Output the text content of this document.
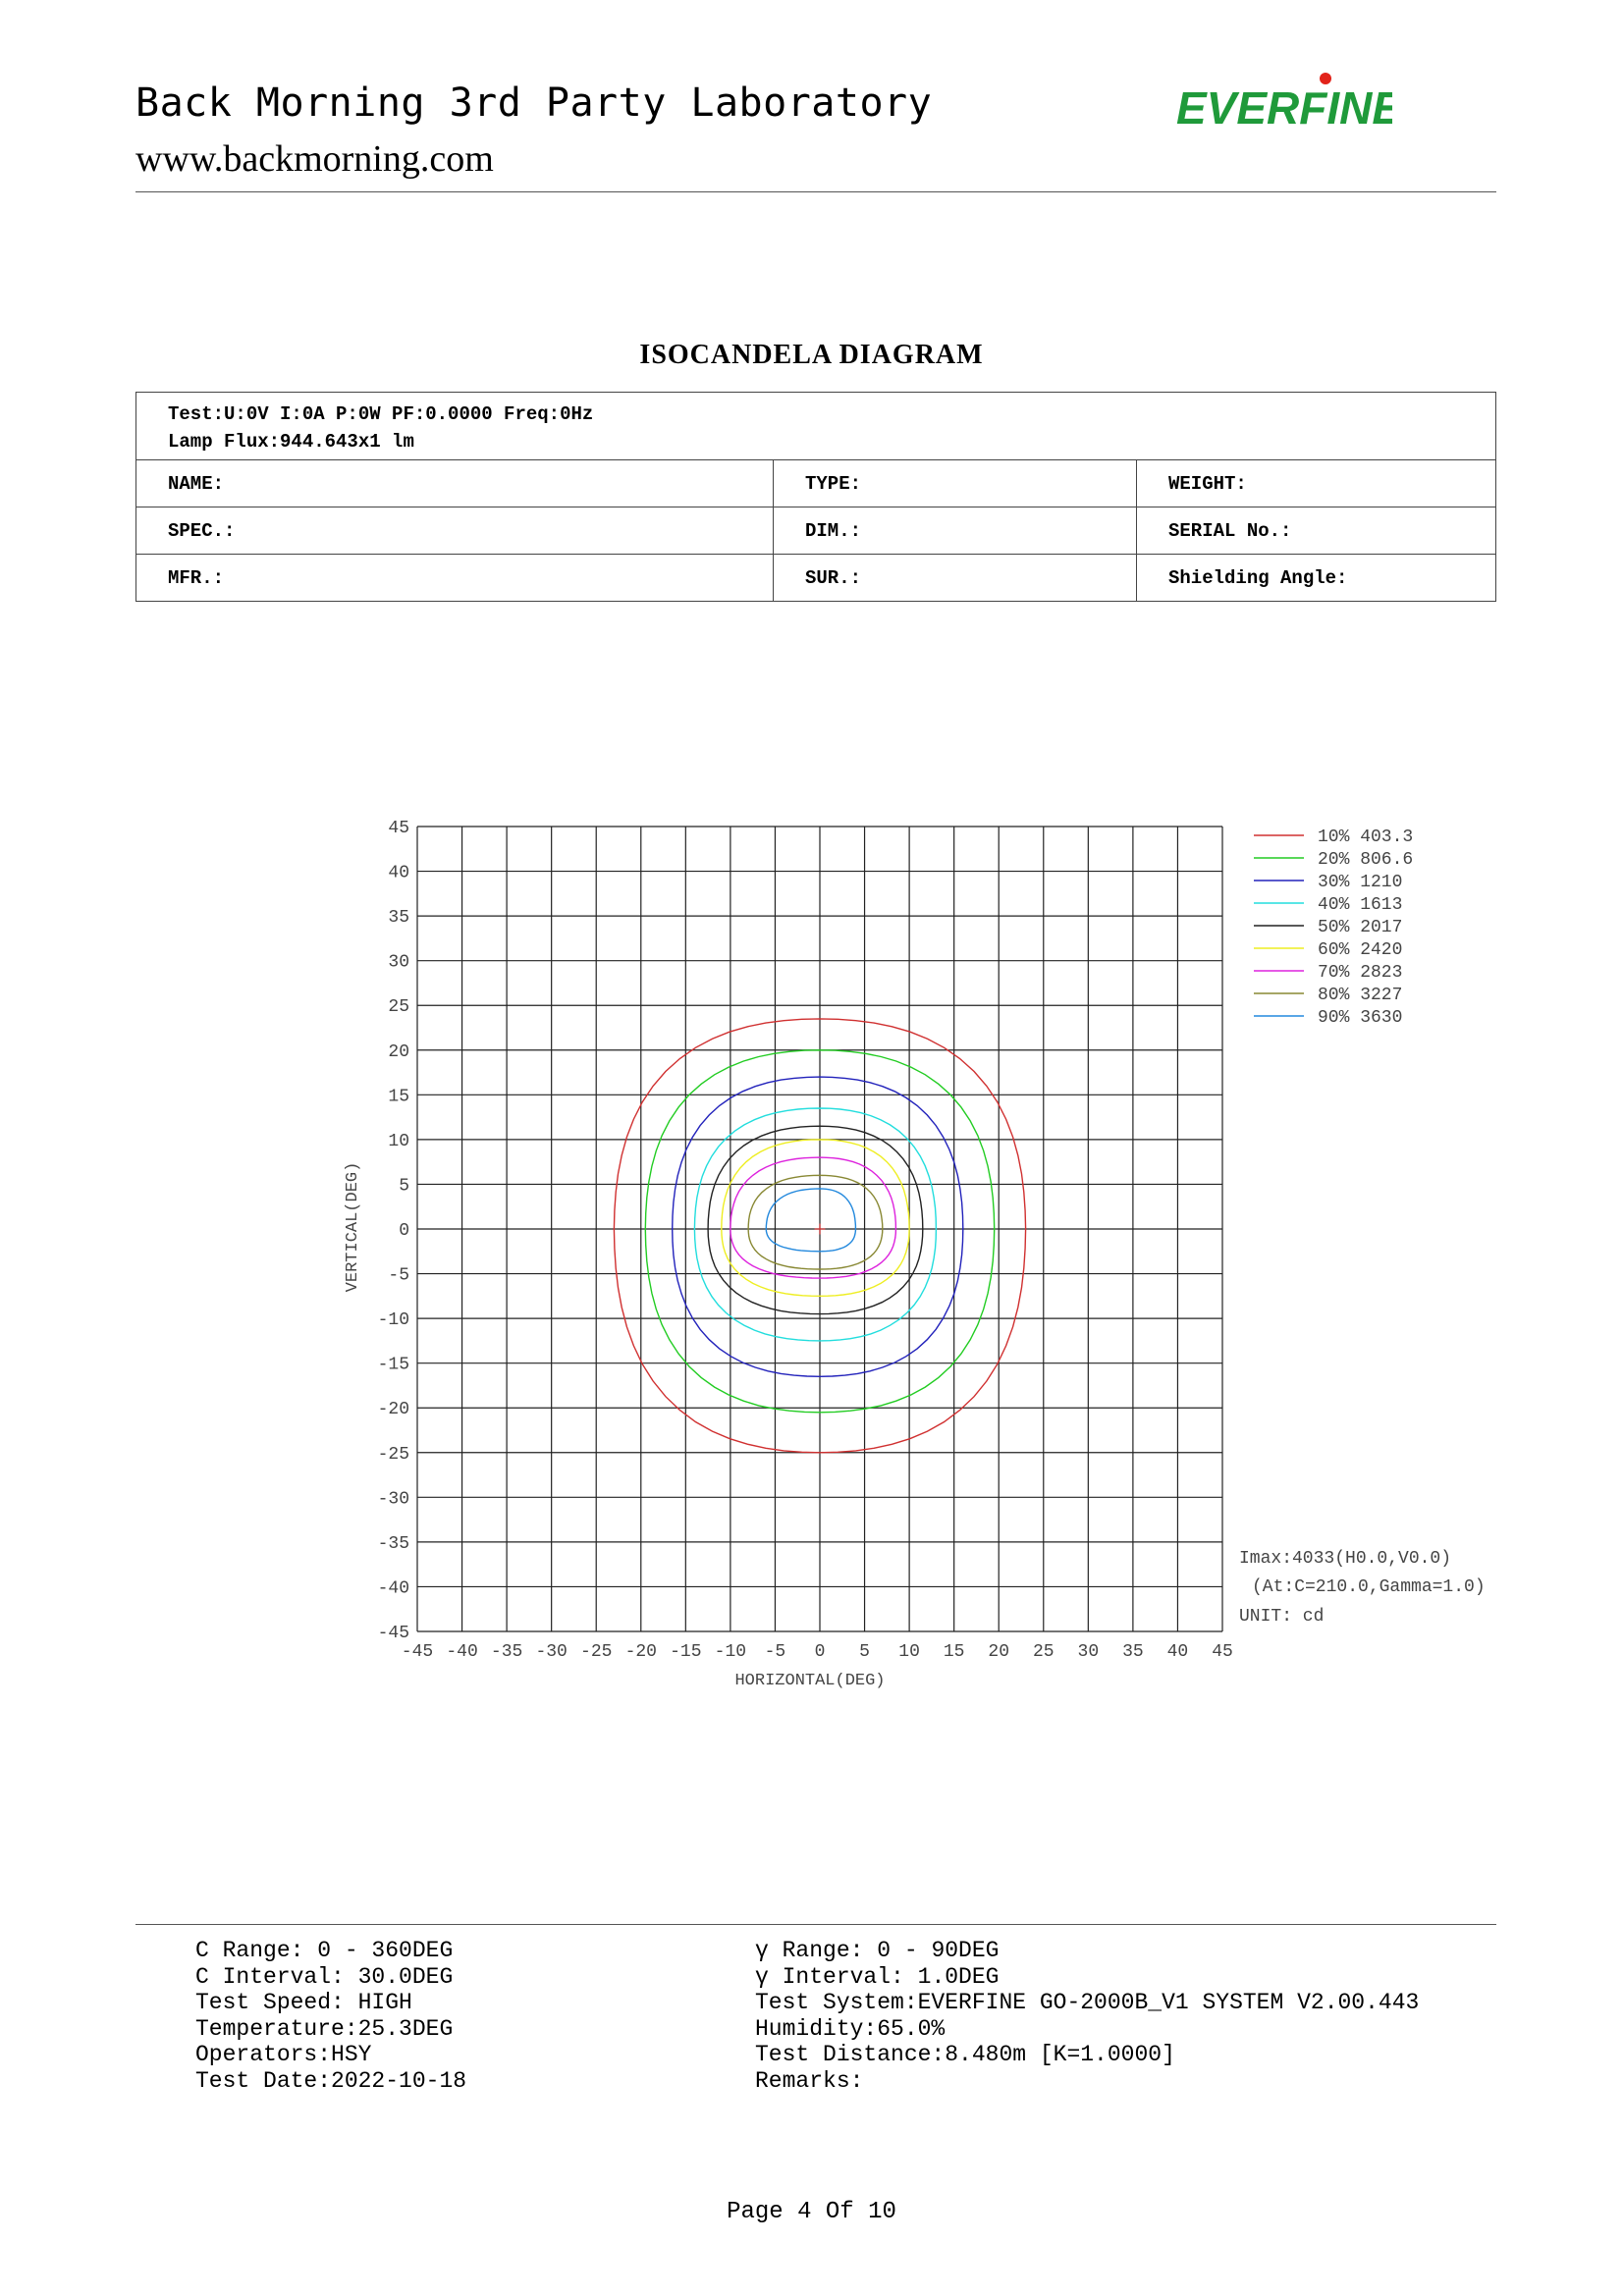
Back Morning 3rd Party Laboratory
www.backmorning.com
EVERFINE
ISOCANDELA DIAGRAM
Test:U:0V I:0A P:0W PF:0.0000 Freq:0Hz
Lamp Flux:944.643x1 lm		

NAME:	TYPE:	WEIGHT:
SPEC.:	DIM.:	SERIAL No.:
MFR.:	SUR.:	Shielding Angle:
-45 -40 -35 -30 -25 -20 -15 -10 -5 0 5 10 15 20 25 30 35 40 45
45
40
35
30
25
20
15
10
5
0
-5
-10
-15
-20
-25
-30
-35
-40
-45
10% 403.3
20% 806.6
30% 1210
40% 1613
50% 2017
60% 2420
70% 2823
80% 3227
90% 3630
HORIZONTAL(DEG)
VERTICAL(DEG)
Imax:4033(H0.0,V0.0)
(At:C=210.0,Gamma=1.0)
UNIT: cd
C Range: 0 - 360DEG
C Interval: 30.0DEG
Test Speed: HIGH
Temperature:25.3DEG
Operators:HSY
Test Date:2022-10-18
γ Range: 0 - 90DEG
γ Interval: 1.0DEG
Test System:EVERFINE GO-2000B_V1 SYSTEM V2.00.443
Humidity:65.0%
Test Distance:8.480m [K=1.0000]
Remarks:
Page 4 Of 10
